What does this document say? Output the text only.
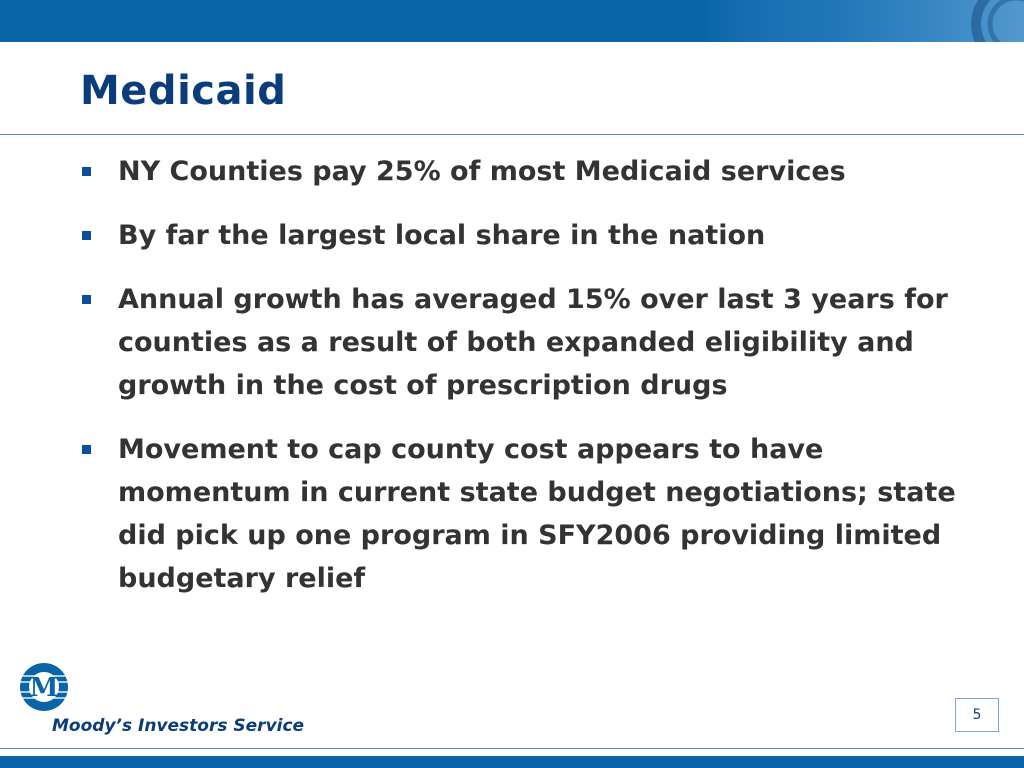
Medicaid
NY Counties pay 25% of most Medicaid services
By far the largest local share in the nation
Annual growth has averaged 15% over last 3 years for counties as a result of both expanded eligibility and growth in the cost of prescription drugs
Movement to cap county cost appears to have momentum in current state budget negotiations; state did pick up one program in SFY2006 providing limited budgetary relief
M
Moody’s Investors Service
5
